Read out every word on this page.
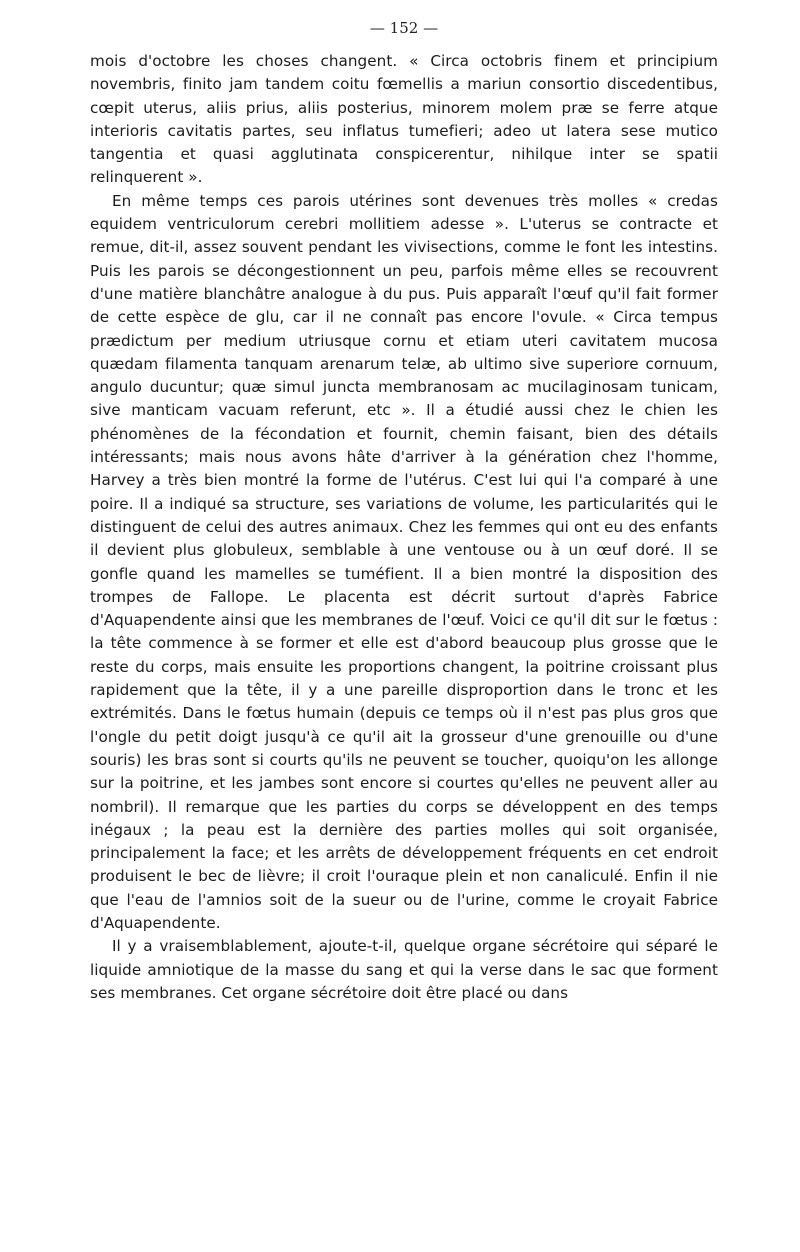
— 152 —

mois d'octobre les choses changent. « Circa octobris finem et principium novembris, finito jam tandem coitu fœmellis a mariun consortio discedentibus, cœpit uterus, aliis prius, aliis posterius, minorem molem præ se ferre atque interioris cavitatis partes, seu inflatus tumefieri; adeo ut latera sese mutico tangentia et quasi agglutinata conspicerentur, nihilque inter se spatii relinquerent ».

En même temps ces parois utérines sont devenues très molles « credas equidem ventriculorum cerebri mollitiem adesse ». L'uterus se contracte et remue, dit-il, assez souvent pendant les vivisections, comme le font les intestins. Puis les parois se décongestionnent un peu, parfois même elles se recouvrent d'une matière blanchâtre analogue à du pus. Puis apparaît l'œuf qu'il fait former de cette espèce de glu, car il ne connaît pas encore l'ovule. « Circa tempus prædictum per medium utriusque cornu et etiam uteri cavitatem mucosa quædam filamenta tanquam arenarum telæ, ab ultimo sive superiore cornuum, angulo ducuntur; quæ simul juncta membranosam ac mucilaginosam tunicam, sive manticam vacuam referunt, etc ». Il a étudié aussi chez le chien les phénomènes de la fécondation et fournit, chemin faisant, bien des détails intéressants; mais nous avons hâte d'arriver à la génération chez l'homme, Harvey a très bien montré la forme de l'utérus. C'est lui qui l'a comparé à une poire. Il a indiqué sa structure, ses variations de volume, les particularités qui le distinguent de celui des autres animaux. Chez les femmes qui ont eu des enfants il devient plus globuleux, semblable à une ventouse ou à un œuf doré. Il se gonfle quand les mamelles se tuméfient. Il a bien montré la disposition des trompes de Fallope. Le placenta est décrit surtout d'après Fabrice d'Aquapendente ainsi que les membranes de l'œuf. Voici ce qu'il dit sur le fœtus : la tête commence à se former et elle est d'abord beaucoup plus grosse que le reste du corps, mais ensuite les proportions changent, la poitrine croissant plus rapidement que la tête, il y a une pareille disproportion dans le tronc et les extrémités. Dans le fœtus humain (depuis ce temps où il n'est pas plus gros que l'ongle du petit doigt jusqu'à ce qu'il ait la grosseur d'une grenouille ou d'une souris) les bras sont si courts qu'ils ne peuvent se toucher, quoiqu'on les allonge sur la poitrine, et les jambes sont encore si courtes qu'elles ne peuvent aller au nombril). Il remarque que les parties du corps se développent en des temps inégaux ; la peau est la dernière des parties molles qui soit organisée, principalement la face; et les arrêts de développement fréquents en cet endroit produisent le bec de lièvre; il croit l'ouraque plein et non canaliculé. Enfin il nie que l'eau de l'amnios soit de la sueur ou de l'urine, comme le croyait Fabrice d'Aquapendente.

Il y a vraisemblablement, ajoute-t-il, quelque organe sécrétoire qui séparé le liquide amniotique de la masse du sang et qui la verse dans le sac que forment ses membranes. Cet organe sécrétoire doit être placé ou dans
